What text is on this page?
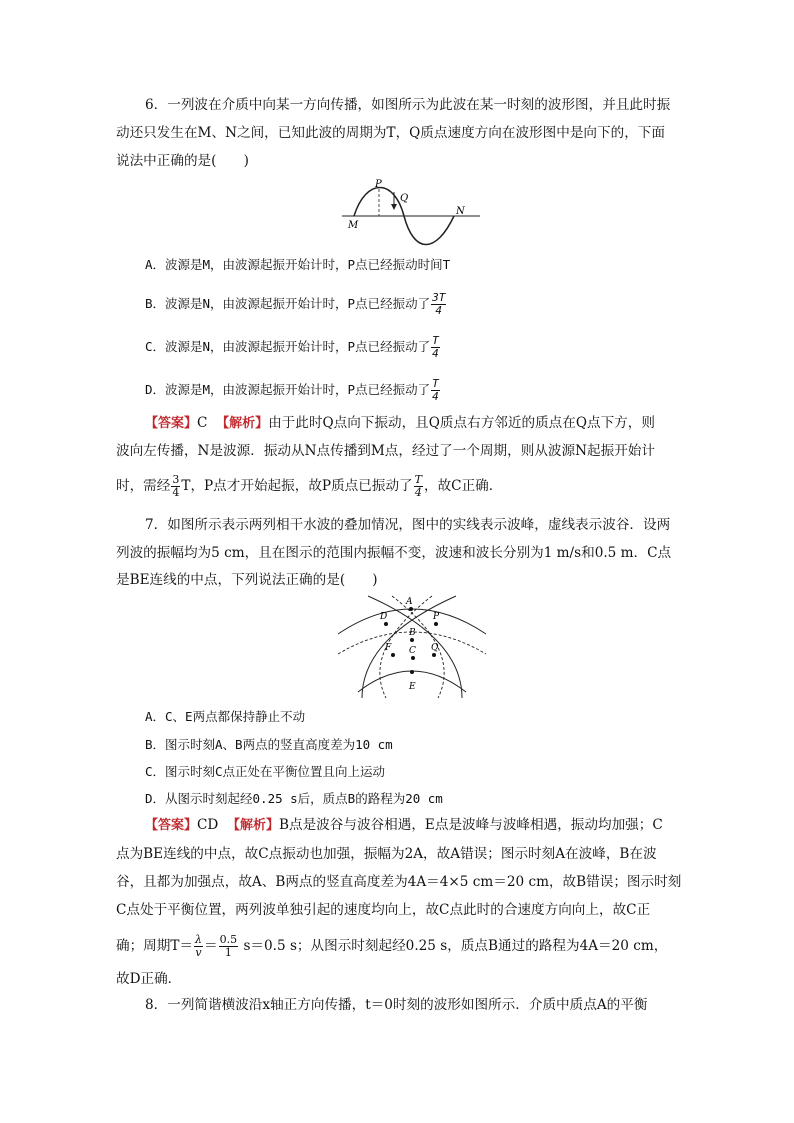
6．一列波在介质中向某一方向传播，如图所示为此波在某一时刻的波形图，并且此时振
动还只发生在M、N之间，已知此波的周期为T，Q质点速度方向在波形图中是向下的，下面
说法中正确的是(　　)
P
Q
M
N
A．波源是M，由波源起振开始计时，P点已经振动时间T
B．波源是N，由波源起振开始计时，P点已经振动了 $\frac{3T}{4}$
C．波源是N，由波源起振开始计时，P点已经振动了 $\frac{T}{4}$
D．波源是M，由波源起振开始计时，P点已经振动了 $\frac{T}{4}$
【答案】C 【解析】由于此时Q点向下振动，且Q质点右方邻近的质点在Q点下方，则
波向左传播，N是波源．振动从N点传播到M点，经过了一个周期，则从波源N起振开始计
时，需经 $\frac{3}{4}$ T，P点才开始起振，故P质点已振动了 $\frac{T}{4}$ ，故C正确．
7．如图所示表示两列相干水波的叠加情况，图中的实线表示波峰，虚线表示波谷．设两
列波的振幅均为5 cm，且在图示的范围内振幅不变，波速和波长分别为1 m/s和0.5 m．C点
是BE连线的中点，下列说法正确的是(　　)
A
D	P
B
F	Q
C
E
A．C、E两点都保持静止不动
B．图示时刻A、B两点的竖直高度差为10 cm
C．图示时刻C点正处在平衡位置且向上运动
D．从图示时刻起经0.25 s后，质点B的路程为20 cm
【答案】CD 【解析】B点是波谷与波谷相遇，E点是波峰与波峰相遇，振动均加强；C
点为BE连线的中点，故C点振动也加强，振幅为2A，故A错误；图示时刻A在波峰，B在波
谷，且都为加强点，故A、B两点的竖直高度差为4A＝4×5 cm＝20 cm，故B错误；图示时刻
C点处于平衡位置，两列波单独引起的速度均向上，故C点此时的合速度方向向上，故C正
确；周期$T= \frac{\lambda}{v} = \frac{0.5}{1} s=0.5$ s；从图示时刻起经0.25 s，质点B通过的路程为4A＝20 cm，
故D正确．
8．一列简谐横波沿x轴正方向传播，t＝0时刻的波形如图所示．介质中质点A的平衡
